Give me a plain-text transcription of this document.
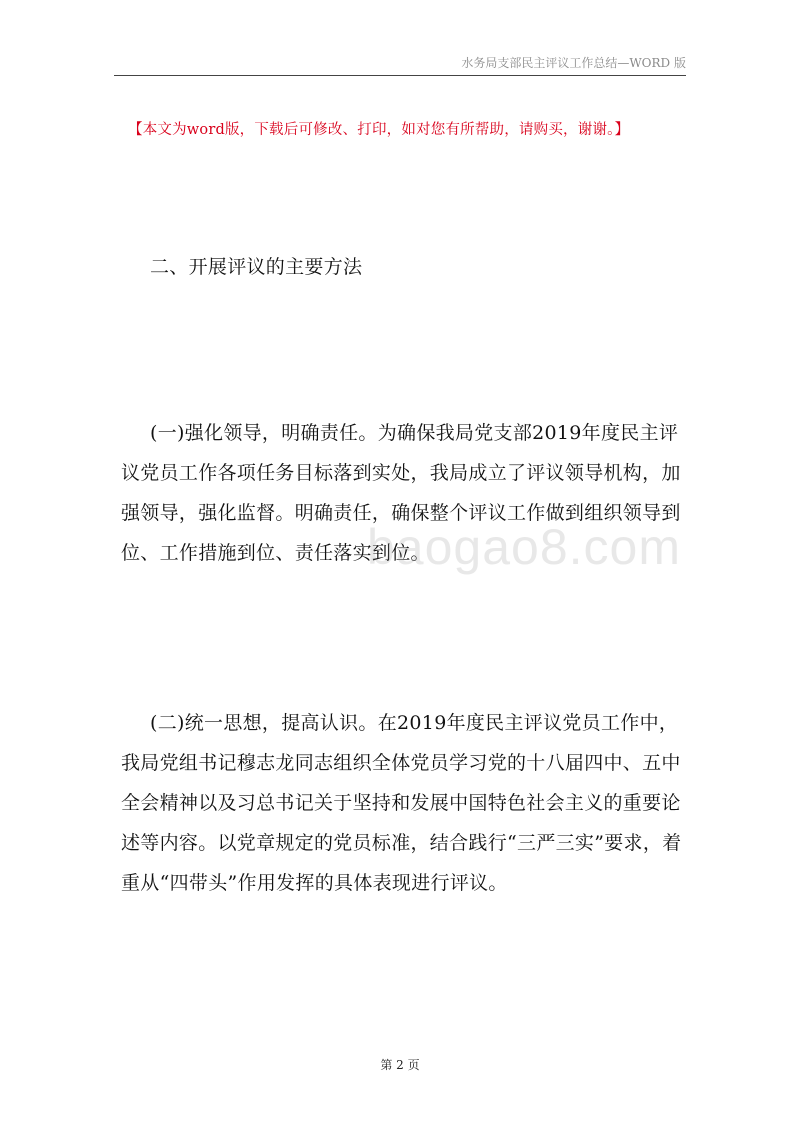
水务局支部民主评议工作总结—WORD 版
【本文为word版，下载后可修改、打印，如对您有所帮助，请购买，谢谢。】

二、开展评议的主要方法

(一)强化领导，明确责任。为确保我局党支部2019年度民主评议党员工作各项任务目标落到实处，我局成立了评议领导机构，加强领导，强化监督。明确责任，确保整个评议工作做到组织领导到位、工作措施到位、责任落实到位。

(二)统一思想，提高认识。在2019年度民主评议党员工作中，我局党组书记穆志龙同志组织全体党员学习党的十八届四中、五中全会精神以及习总书记关于坚持和发展中国特色社会主义的重要论述等内容。以党章规定的党员标准，结合践行“三严三实”要求，着重从“四带头”作用发挥的具体表现进行评议。

baogao8.com
第 2 页
